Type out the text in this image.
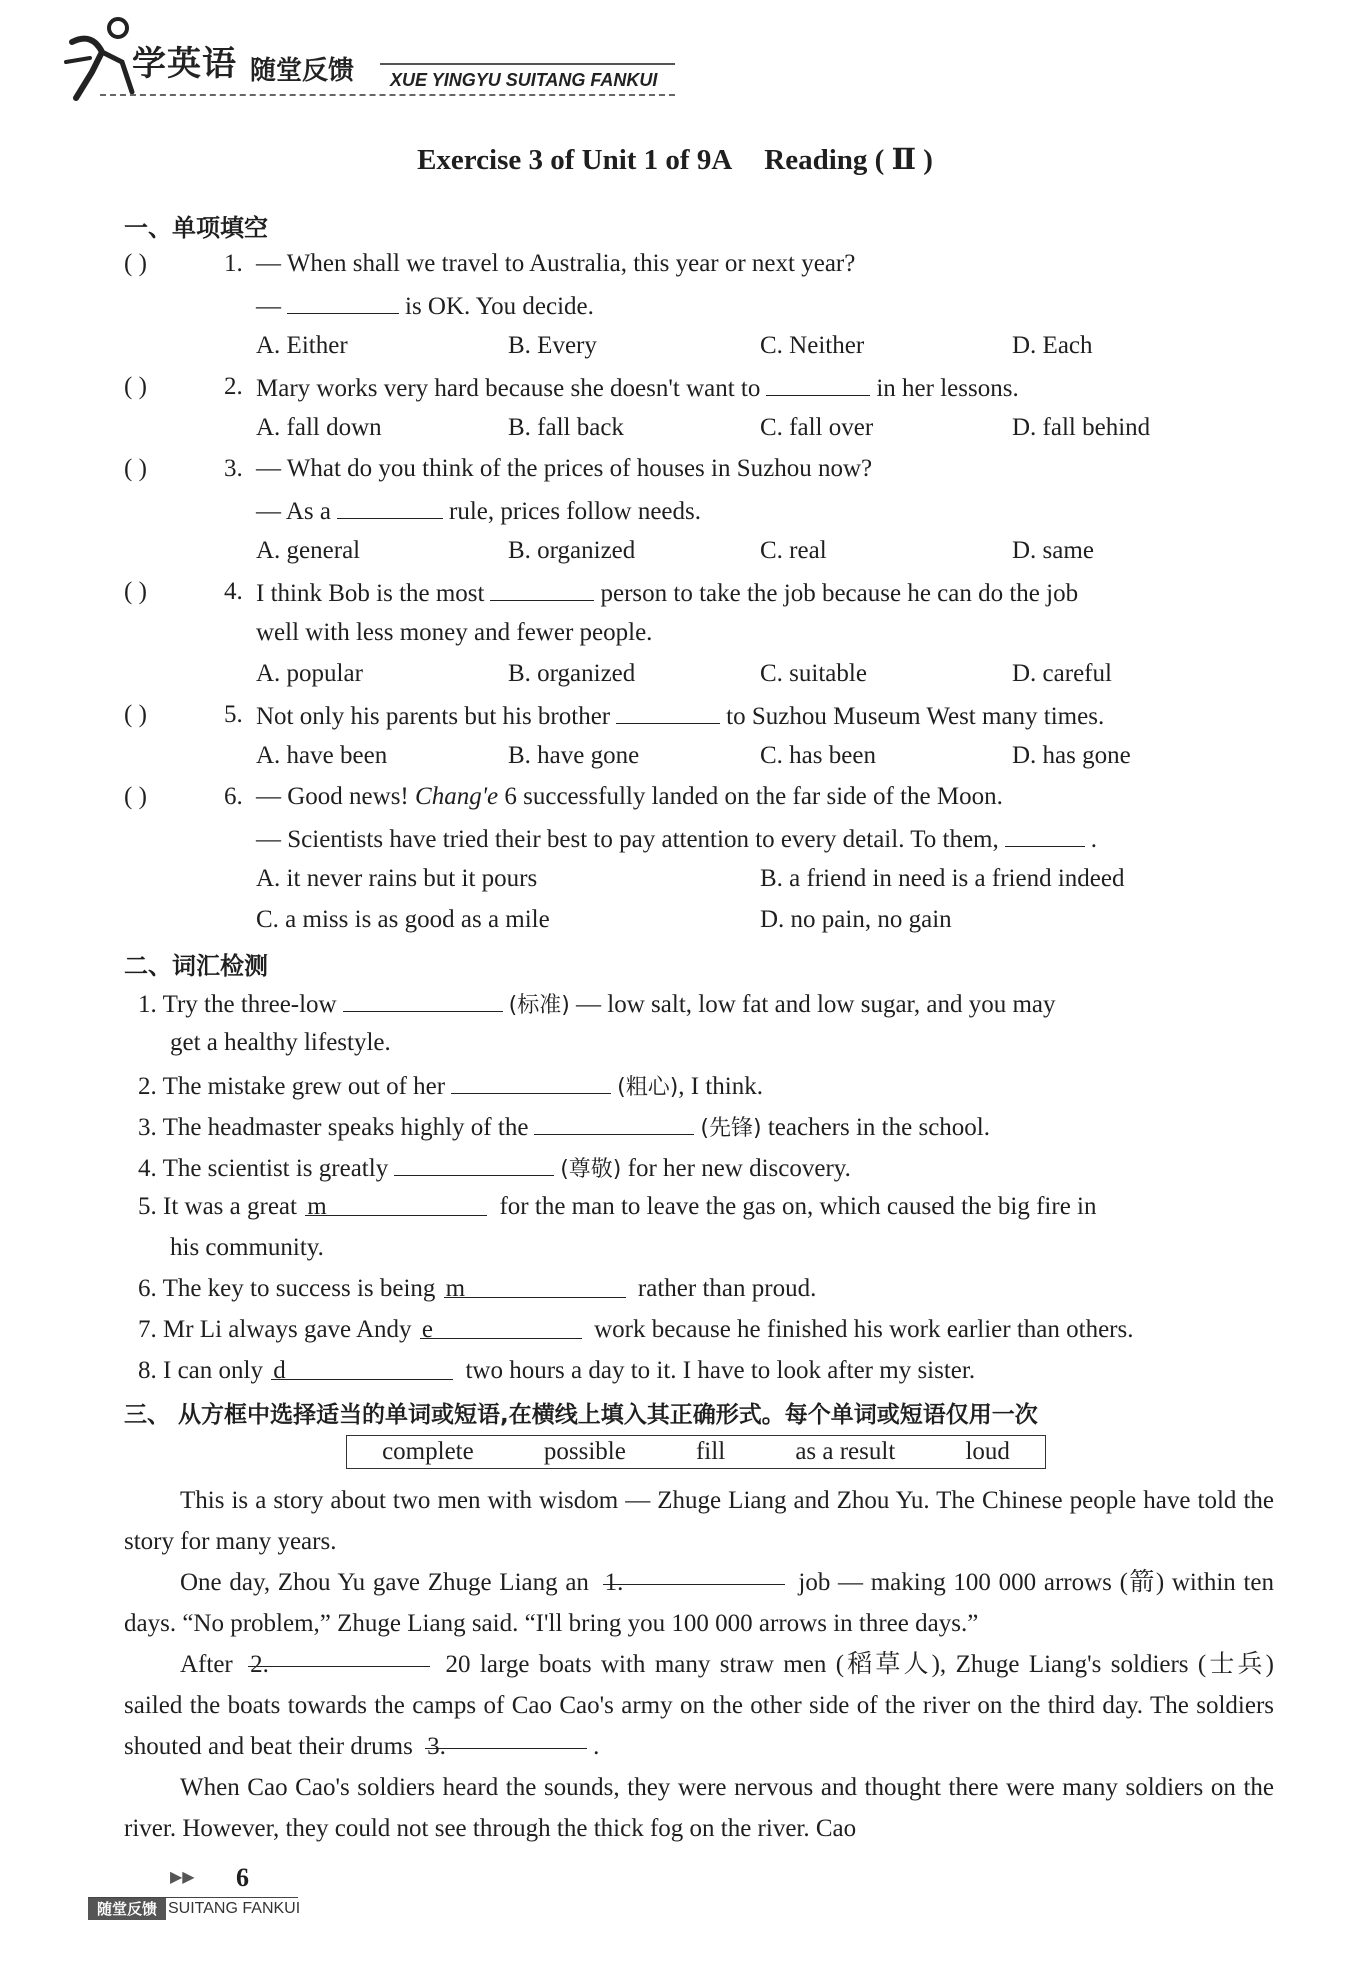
学英语 随堂反馈 XUE YINGYU SUITANG FANKUI
Exercise 3 of Unit 1 of 9A Reading ( Ⅱ )
一、单项填空
( )	1. — When shall we travel to Australia, this year or next year?
—	is OK. You decide.
A. Either	B. Every	C. Neither	D. Each
( )	2. Mary works very hard because she doesn't want to	in her lessons.
A. fall down	B. fall back	C. fall over	D. fall behind
( )	3. — What do you think of the prices of houses in Suzhou now?
— As a	rule, prices follow needs.
A. general	B. organized	C. real	D. same
( )	4. I think Bob is the most	person to take the job because he can do the job
well with less money and fewer people.
A. popular	B. organized	C. suitable	D. careful
( )	5. Not only his parents but his brother	to Suzhou Museum West many times.
A. have been	B. have gone	C. has been	D. has gone
( )	6. — Good news! Chang'e 6 successfully landed on the far side of the Moon.
— Scientists have tried their best to pay attention to every detail. To them,	.
A. it never rains but it pours	B. a friend in need is a friend indeed
C. a miss is as good as a mile	D. no pain, no gain
二、词汇检测
1. Try the three-low	(标准) — low salt, low fat and low sugar, and you may
get a healthy lifestyle.
2. The mistake grew out of her	(粗心), I think.
3. The headmaster speaks highly of the	(先锋) teachers in the school.
4. The scientist is greatly	(尊敬) for her new discovery.
5. It was a great m	for the man to leave the gas on, which caused the big fire in
his community.
6. The key to success is being m	rather than proud.
7. Mr Li always gave Andy e	work because he finished his work earlier than others.
8. I can only d	two hours a day to it. I have to look after my sister.
三、 从方框中选择适当的单词或短语,在横线上填入其正确形式。每个单词或短语仅用一次
complete	possible	fill	as a result	loud
This is a story about two men with wisdom — Zhuge Liang and Zhou Yu. The Chinese people have told the story for many years.
One day, Zhou Yu gave Zhuge Liang an 1.	job — making 100 000 arrows (箭) within ten days. “No problem,” Zhuge Liang said. “I'll bring you 100 000 arrows in three days.”
After 2.	20 large boats with many straw men (稻草人), Zhuge Liang's soldiers (士兵) sailed the boats towards the camps of Cao Cao's army on the other side of the river on the third day. The soldiers shouted and beat their drums 3.	.
When Cao Cao's soldiers heard the sounds, they were nervous and thought there were many soldiers on the river. However, they could not see through the thick fog on the river. Cao
▶▶ 6
随堂反馈 SUITANG FANKUI
